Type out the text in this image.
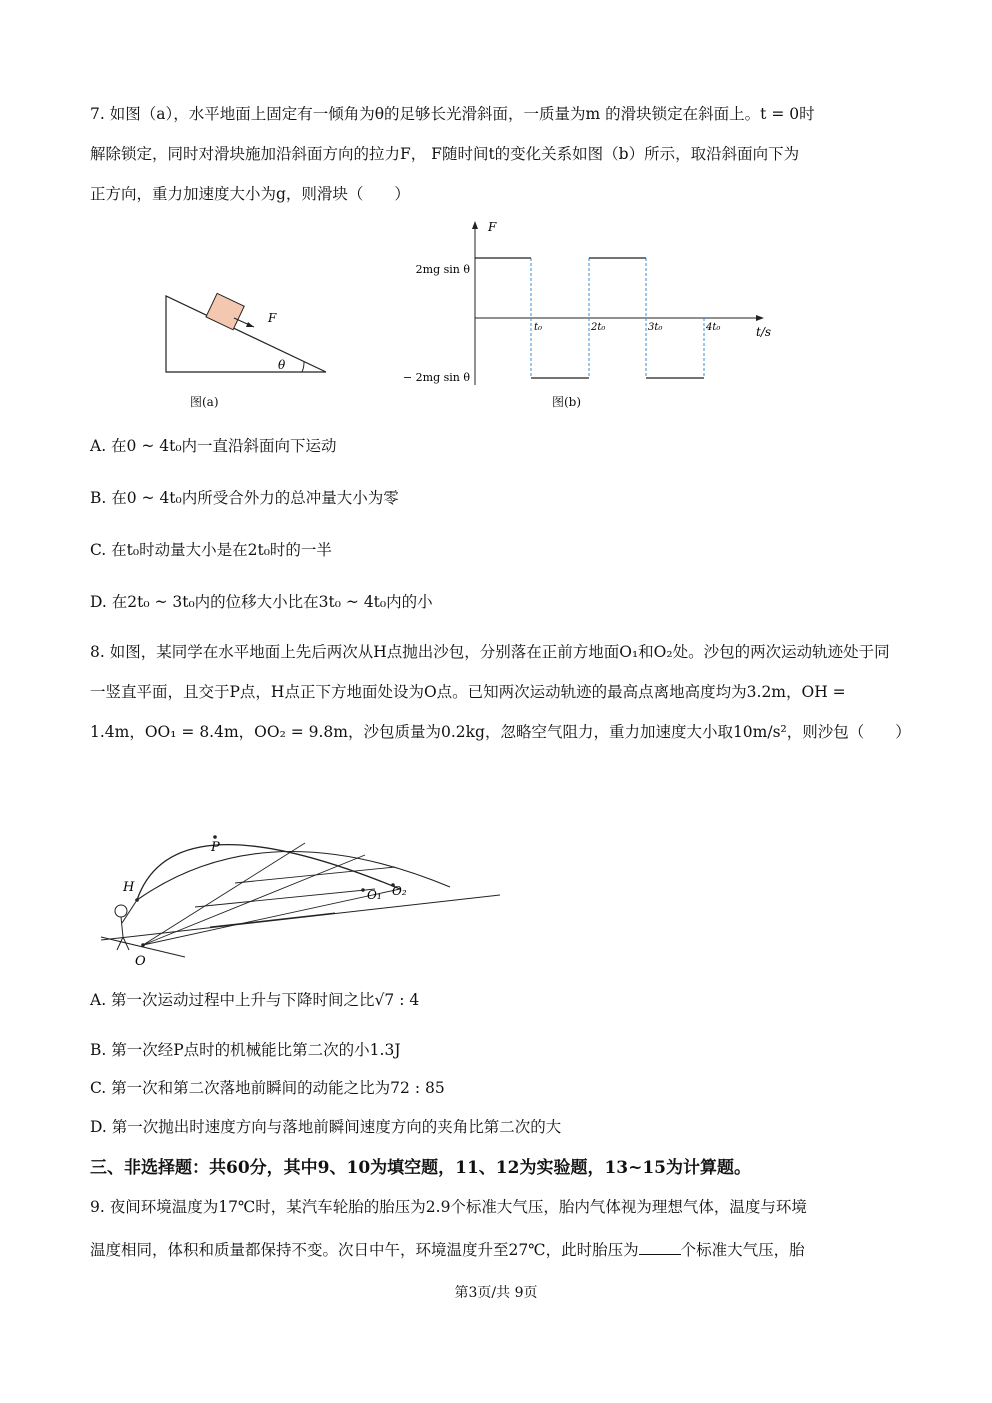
7. 如图（a），水平地面上固定有一倾角为θ的足够长光滑斜面，一质量为m 的滑块锁定在斜面上。t = 0时
解除锁定，同时对滑块施加沿斜面方向的拉力F， F随时间t的变化关系如图（b）所示，取沿斜面向下为
正方向，重力加速度大小为g，则滑块（　　）
F
θ
图(a)
F
t/s
2mg sin θ
− 2mg sin θ
t₀	2t₀	3t₀	4t₀
图(b)
A. 在0 ~ 4t₀内一直沿斜面向下运动
B. 在0 ~ 4t₀内所受合外力的总冲量大小为零
C. 在t₀时动量大小是在2t₀时的一半
D. 在2t₀ ~ 3t₀内的位移大小比在3t₀ ~ 4t₀内的小
8. 如图，某同学在水平地面上先后两次从H点抛出沙包，分别落在正前方地面O₁和O₂处。沙包的两次运动轨迹处于同一竖直平面，且交于P点，H点正下方地面处设为O点。已知两次运动轨迹的最高点离地高度均为3.2m，OH = 1.4m，OO₁ = 8.4m，OO₂ = 9.8m，沙包质量为0.2kg，忽略空气阻力，重力加速度大小取10m/s²，则沙包（　　）
P
H
O
O₁ O₂
A. 第一次运动过程中上升与下降时间之比√7 : 4
B. 第一次经P点时的机械能比第二次的小1.3J
C. 第一次和第二次落地前瞬间的动能之比为72 : 85
D. 第一次抛出时速度方向与落地前瞬间速度方向的夹角比第二次的大
三、非选择题：共60分，其中9、10为填空题，11、12为实验题，13~15为计算题。
9. 夜间环境温度为17℃时，某汽车轮胎的胎压为2.9个标准大气压，胎内气体视为理想气体，温度与环境
温度相同，体积和质量都保持不变。次日中午，环境温度升至27℃，此时胎压为	个标准大气压，胎
第3页/共 9页
